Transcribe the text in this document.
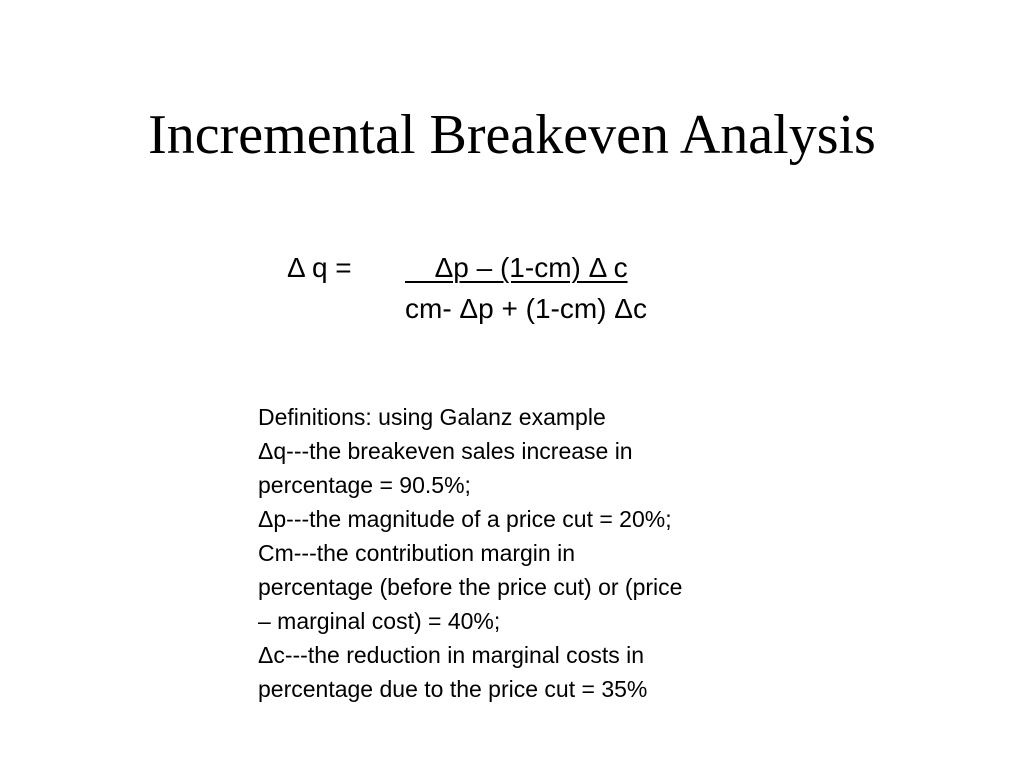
Incremental Breakeven Analysis
Δ q = Δp – (1-cm) Δ c
cm- Δp + (1-cm) Δc
Definitions: using Galanz example
Δq---the breakeven sales increase in
percentage = 90.5%;
Δp---the magnitude of a price cut = 20%;
Cm---the contribution margin in
percentage (before the price cut) or (price
– marginal cost) = 40%;
Δc---the reduction in marginal costs in
percentage due to the price cut = 35%
